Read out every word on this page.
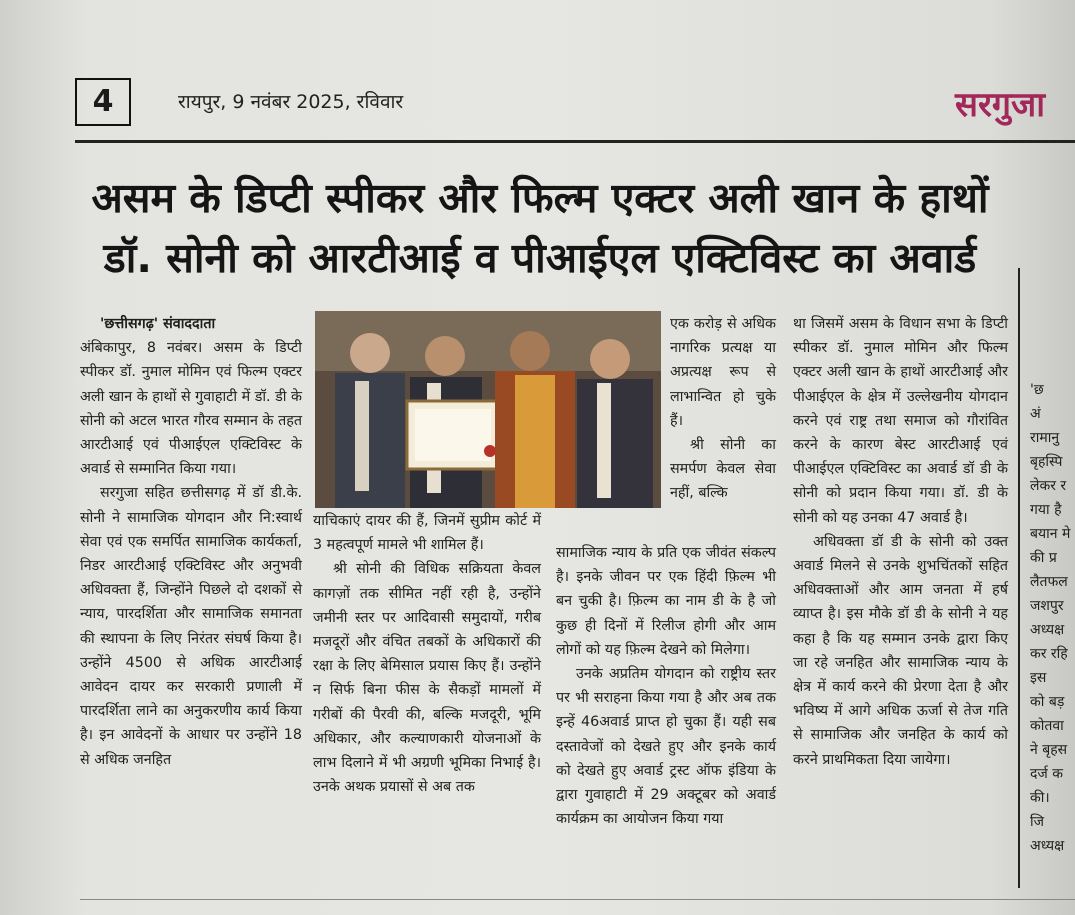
4	रायपुर, 9 नवंबर 2025, रविवार	सरगुजा
असम के डिप्टी स्पीकर और फिल्म एक्टर अली खान के हाथों
डॉ. सोनी को आरटीआई व पीआईएल एक्टिविस्ट का अवार्ड

'छत्तीसगढ़' संवाददाता

अंबिकापुर, 8 नवंबर। असम के डिप्टी स्पीकर डॉ. नुमाल मोमिन एवं फिल्म एक्टर अली खान के हाथों से गुवाहाटी में डॉ. डी के सोनी को अटल भारत गौरव सम्मान के तहत आरटीआई एवं पीआईएल एक्टिविस्ट के अवार्ड से सम्मानित किया गया।

सरगुजा सहित छत्तीसगढ़ में डॉ डी.के. सोनी ने सामाजिक योगदान और नि:स्वार्थ सेवा एवं एक समर्पित सामाजिक कार्यकर्ता, निडर आरटीआई एक्टिविस्ट और अनुभवी अधिवक्ता हैं, जिन्होंने पिछले दो दशकों से न्याय, पारदर्शिता और सामाजिक समानता की स्थापना के लिए निरंतर संघर्ष किया है। उन्होंने 4500 से अधिक आरटीआई आवेदन दायर कर सरकारी प्रणाली में पारदर्शिता लाने का अनुकरणीय कार्य किया है। इन आवेदनों के आधार पर उन्होंने 18 से अधिक जनहित

याचिकाएं दायर की हैं, जिनमें सुप्रीम कोर्ट में 3 महत्वपूर्ण मामले भी शामिल हैं।

श्री सोनी की विधिक सक्रियता केवल कागज़ों तक सीमित नहीं रही है, उन्होंने जमीनी स्तर पर आदिवासी समुदायों, गरीब मजदूरों और वंचित तबकों के अधिकारों की रक्षा के लिए बेमिसाल प्रयास किए हैं। उन्होंने न सिर्फ बिना फीस के सैकड़ों मामलों में गरीबों की पैरवी की, बल्कि मजदूरी, भूमि अधिकार, और कल्याणकारी योजनाओं के लाभ दिलाने में भी अग्रणी भूमिका निभाई है। उनके अथक प्रयासों से अब तक

एक करोड़ से अधिक नागरिक प्रत्यक्ष या अप्रत्यक्ष रूप से लाभान्वित हो चुके हैं।

श्री सोनी का समर्पण केवल सेवा नहीं, बल्कि

सामाजिक न्याय के प्रति एक जीवंत संकल्प है। इनके जीवन पर एक हिंदी फ़िल्म भी बन चुकी है। फ़िल्म का नाम डी के है जो कुछ ही दिनों में रिलीज होगी और आम लोगों को यह फ़िल्म देखने को मिलेगा।

उनके अप्रतिम योगदान को राष्ट्रीय स्तर पर भी सराहना किया गया है और अब तक इन्हें 46अवार्ड प्राप्त हो चुका हैं। यही सब दस्तावेजों को देखते हुए और इनके कार्य को देखते हुए अवार्ड ट्रस्ट ऑफ इंडिया के द्वारा गुवाहाटी में 29 अक्टूबर को अवार्ड कार्यक्रम का आयोजन किया गया

था जिसमें असम के विधान सभा के डिप्टी स्पीकर डॉ. नुमाल मोमिन और फिल्म एक्टर अली खान के हाथों आरटीआई और पीआईएल के क्षेत्र में उल्लेखनीय योगदान करने एवं राष्ट्र तथा समाज को गौरांवित करने के कारण बेस्ट आरटीआई एवं पीआईएल एक्टिविस्ट का अवार्ड डॉ डी के सोनी को प्रदान किया गया। डॉ. डी के सोनी को यह उनका 47 अवार्ड है।

अधिवक्ता डॉ डी के सोनी को उक्त अवार्ड मिलने से उनके शुभचिंतकों सहित अधिवक्ताओं और आम जनता में हर्ष व्याप्त है। इस मौके डॉ डी के सोनी ने यह कहा है कि यह सम्मान उनके द्वारा किए जा रहे जनहित और सामाजिक न्याय के क्षेत्र में कार्य करने की प्रेरणा देता है और भविष्य में आगे अधिक ऊर्जा से तेज गति से सामाजिक और जनहित के कार्य को करने प्राथमिकता दिया जायेगा।

'छ
अं
रामानु
बृहस्पि
लेकर र
गया है
बयान मे
की प्र
लैतफल
जशपुर
अध्यक्ष
कर रहि
इस
को बड़
कोतवा
ने बृहस
दर्ज क
की।
जि
अध्यक्ष
